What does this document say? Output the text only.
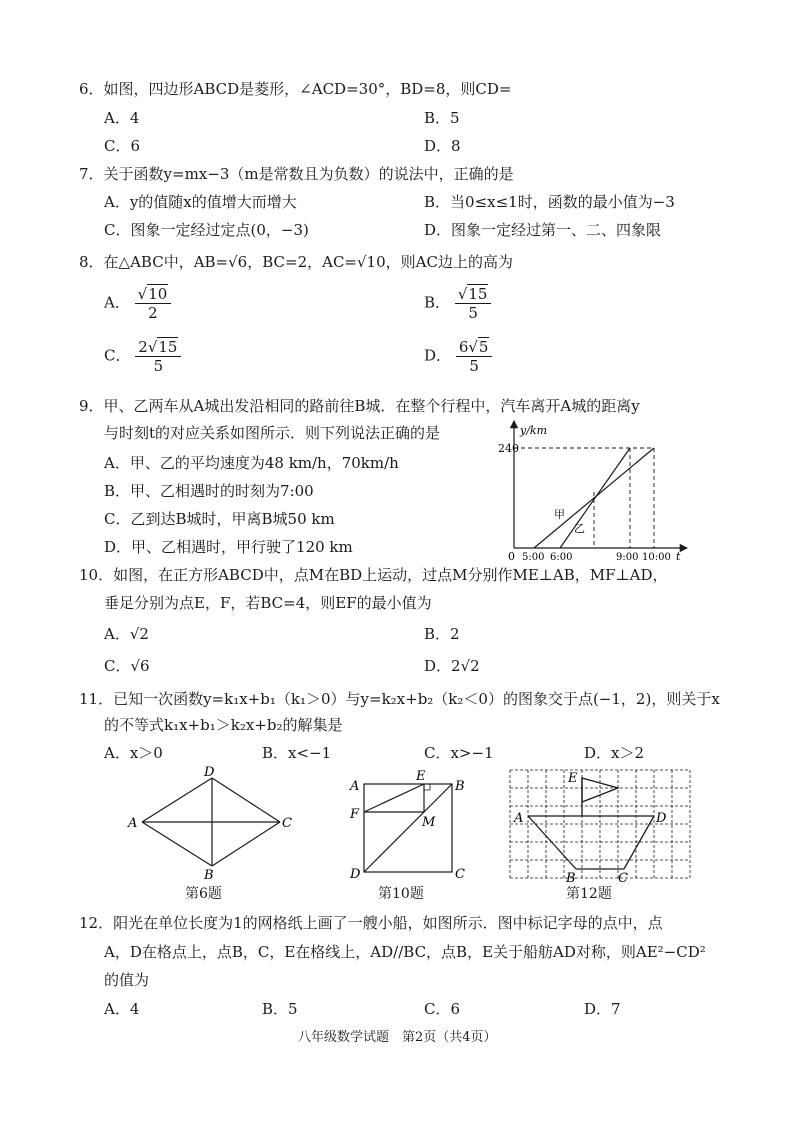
6．如图，四边形ABCD是菱形，∠ACD=30°，BD=8，则CD=
A．4	B．5
C．6	D．8
7．关于函数y=mx−3（m是常数且为负数）的说法中，正确的是
A．y的值随x的值增大而增大	B．当0≤x≤1时，函数的最小值为−3
C．图象一定经过定点(0，−3)	D．图象一定经过第一、二、四象限
8．在△ABC中，AB=√6，BC=2，AC=√10，则AC边上的高为
A． $\frac{√10}{2}$	B． $\frac{√15}{5}$
C． $\frac{2√15}{5}$	D． $\frac{6√5}{5}$
9．甲、乙两车从A城出发沿相同的路前往B城．在整个行程中，汽车离开A城的距离y
与时刻t的对应关系如图所示．则下列说法正确的是
A．甲、乙的平均速度为48 km/h，70km/h
B．甲、乙相遇时的时刻为7:00
C．乙到达B城时，甲离B城50 km
D．甲、乙相遇时，甲行驶了120 km
y/km
240
0 5:00 6:00	9:00 10:00 t
甲
乙
10．如图，在正方形ABCD中，点M在BD上运动，过点M分别作ME⊥AB，MF⊥AD，
垂足分别为点E，F，若BC=4，则EF的最小值为
A．√2	B．2
C．√6	D．2√2
11．已知一次函数y=k₁x+b₁（k₁＞0）与y=k₂x+b₂（k₂＜0）的图象交于点(−1，2)，则关于x
的不等式k₁x+b₁＞k₂x+b₂的解集是
A．x＞0	B．x<−1	C．x>−1	D．x＞2
D
A	C
B
第6题
E
B
A
F
M
D	C
第10题
E
A	D
B	C
第12题
12．阳光在单位长度为1的网格纸上画了一艘小船，如图所示．图中标记字母的点中，点
A，D在格点上，点B，C，E在格线上，AD//BC，点B，E关于船舫AD对称，则AE²−CD²
的值为
A．4	B．5	C．6	D．7
八年级数学试题　第2页（共4页）
